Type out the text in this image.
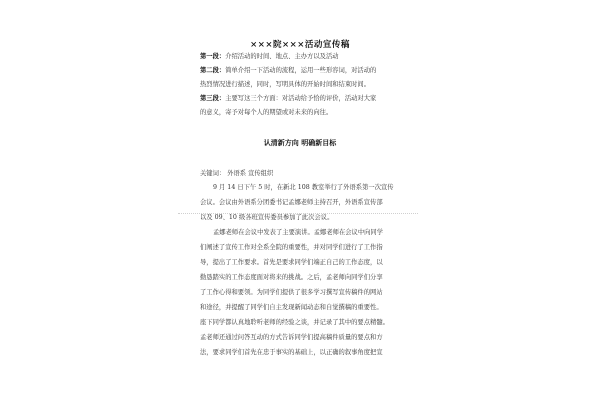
×××院×××活动宣传稿
第一段：介绍活动的时间、地点、主办方以及活动
第二段：简单介绍一下活动的流程，运用一些形容词，对活动的
热烈情况进行描述，同时，写明具体的开始时间和结束时间。
第三段：主要写这三个方面：对活动给予恰的评价，活动对大家
的意义，寄予对每个人的期望或对未来的向往。
认清新方向 明确新目标
关键词： 外语系 宣传组织
9 月 14 日下午 5 时，在新北 108 教室举行了外语系第一次宣传
会议。会议由外语系分团委书记孟娜老师主持召开，外语系宣传部
以及 09、10 级各班宣传委员参加了此次会议。
孟娜老师在会议中发表了主要演讲。孟娜老师在会议中向同学
们阐述了宣传工作对全系全院的重要性，并对同学们进行了工作指
导，提出了工作要求。首先是要求同学们端正自己的工作态度，以
勤恳踏实的工作态度面对将来的挑战。之后，孟老师向同学们分享
了工作心得和要领。为同学们提供了很多学习撰写宣传稿件的网站
和途径，并提醒了同学们自主发现新闻动态和自觉撰稿的重要性。
座下同学都认真地聆听老师的经验之谈，并记录了其中的要点精髓。
孟老师还通过问答互动的方式告诉同学们提高稿件质量的要点和方
法，要求同学们首先在忠于事实的基础上，以正确的叙事角度把宣
